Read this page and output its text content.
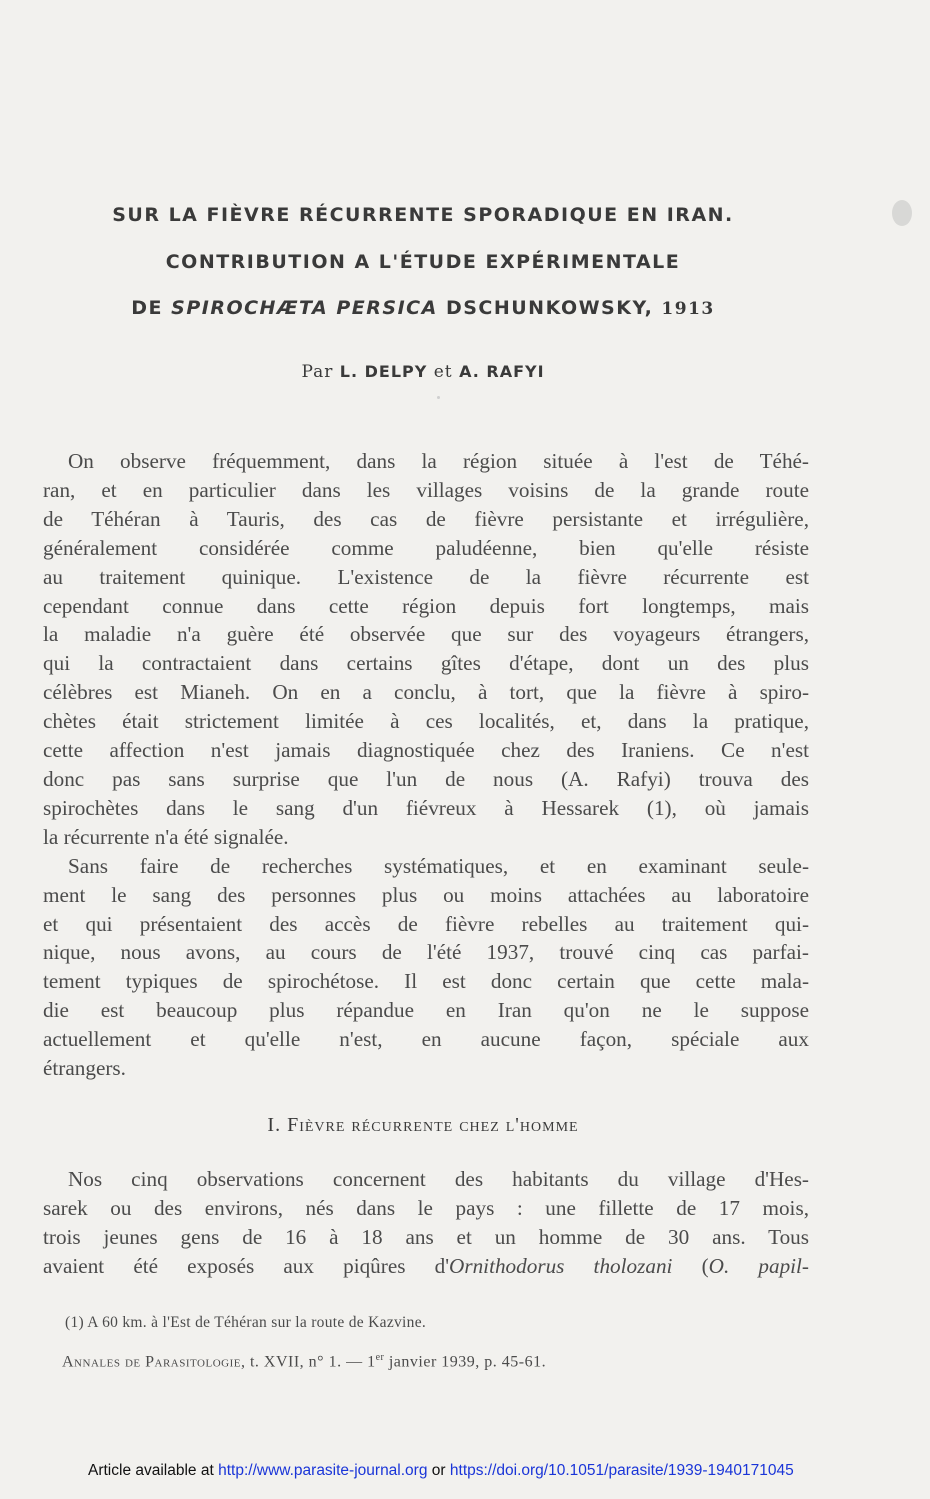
SUR LA FIÈVRE RÉCURRENTE SPORADIQUE EN IRAN.
CONTRIBUTION A L'ÉTUDE EXPÉRIMENTALE
DE SPIROCHÆTA PERSICA DSCHUNKOWSKY, 1913
Par L. DELPY et A. RAFYI
On observe fréquemment, dans la région située à l'est de Téhé-
ran, et en particulier dans les villages voisins de la grande route
de Téhéran à Tauris, des cas de fièvre persistante et irrégulière,
généralement considérée comme paludéenne, bien qu'elle résiste
au traitement quinique. L'existence de la fièvre récurrente est
cependant connue dans cette région depuis fort longtemps, mais
la maladie n'a guère été observée que sur des voyageurs étrangers,
qui la contractaient dans certains gîtes d'étape, dont un des plus
célèbres est Mianeh. On en a conclu, à tort, que la fièvre à spiro-
chètes était strictement limitée à ces localités, et, dans la pratique,
cette affection n'est jamais diagnostiquée chez des Iraniens. Ce n'est
donc pas sans surprise que l'un de nous (A. Rafyi) trouva des
spirochètes dans le sang d'un fiévreux à Hessarek (1), où jamais
la récurrente n'a été signalée.
Sans faire de recherches systématiques, et en examinant seule-
ment le sang des personnes plus ou moins attachées au laboratoire
et qui présentaient des accès de fièvre rebelles au traitement qui-
nique, nous avons, au cours de l'été 1937, trouvé cinq cas parfai-
tement typiques de spirochétose. Il est donc certain que cette mala-
die est beaucoup plus répandue en Iran qu'on ne le suppose
actuellement et qu'elle n'est, en aucune façon, spéciale aux
étrangers.
I. Fièvre récurrente chez l'homme
Nos cinq observations concernent des habitants du village d'Hes-
sarek ou des environs, nés dans le pays : une fillette de 17 mois,
trois jeunes gens de 16 à 18 ans et un homme de 30 ans. Tous
avaient été exposés aux piqûres d'Ornithodorus tholozani (O. papil-
(1) A 60 km. à l'Est de Téhéran sur la route de Kazvine.
Annales de Parasitologie, t. XVII, n° 1. — 1er janvier 1939, p. 45-61.
Article available at http://www.parasite-journal.org or https://doi.org/10.1051/parasite/1939-1940171045
